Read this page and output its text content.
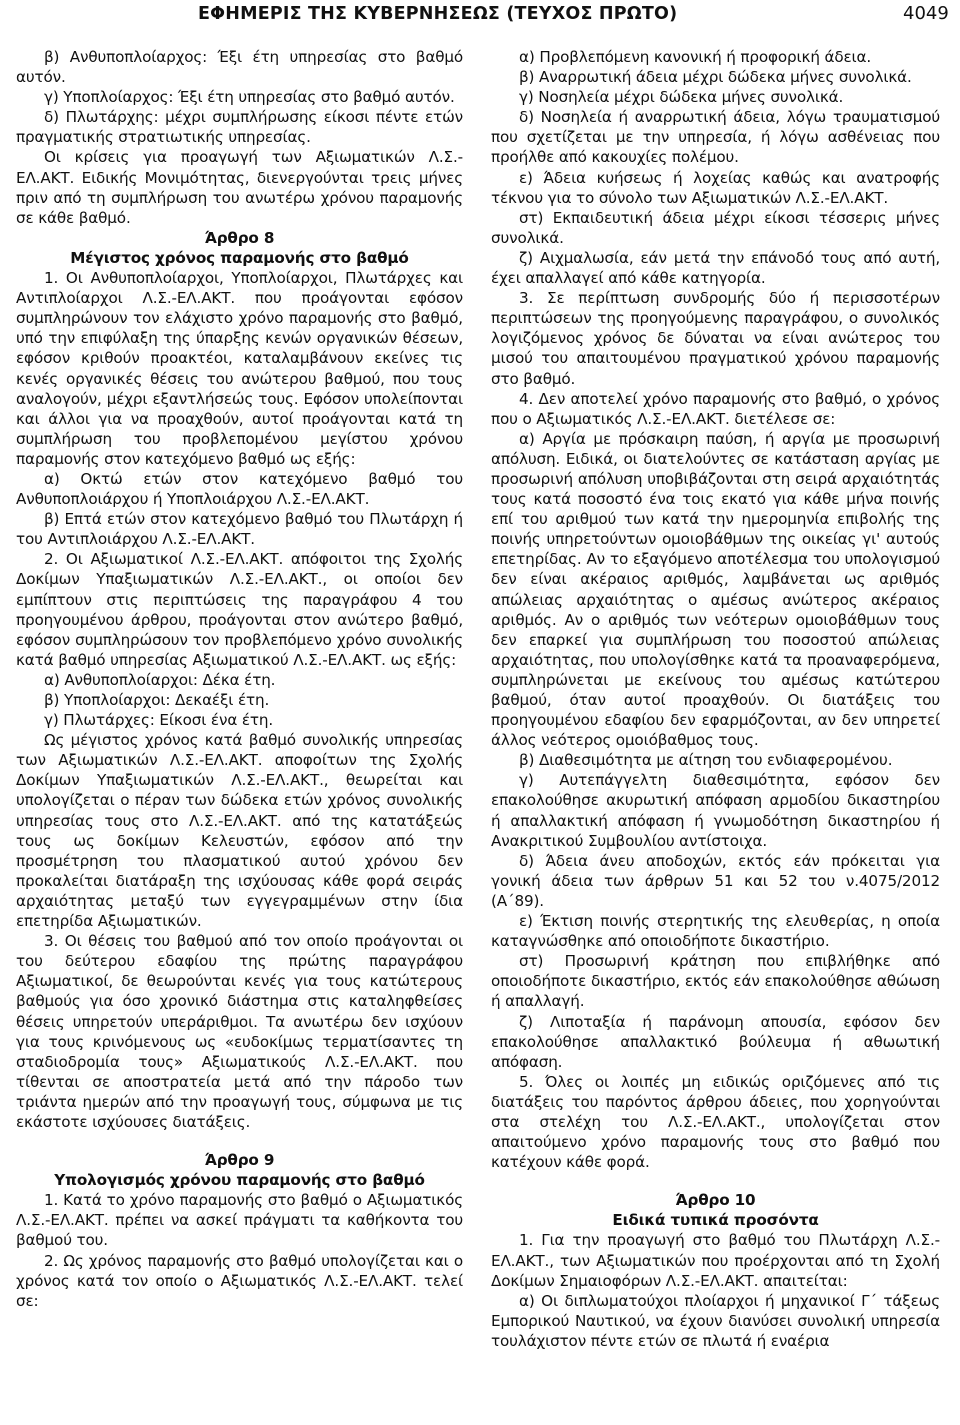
ΕΦΗΜΕΡΙΣ ΤΗΣ ΚΥΒΕΡΝΗΣΕΩΣ (ΤΕΥΧΟΣ ΠΡΩΤΟ)	4049

β) Ανθυποπλοίαρχος: Έξι έτη υπηρεσίας στο βαθμό αυτόν.

γ) Υποπλοίαρχος: Έξι έτη υπηρεσίας στο βαθμό αυτόν.

δ) Πλωτάρχης: μέχρι συμπλήρωσης είκοσι πέντε ετών πραγματικής στρατιωτικής υπηρεσίας.

Οι κρίσεις για προαγωγή των Αξιωματικών Λ.Σ.-ΕΛ.ΑΚΤ. Ειδικής Μονιμότητας, διενεργούνται τρεις μήνες πριν από τη συμπλήρωση του ανωτέρω χρόνου παραμονής σε κάθε βαθμό.

Άρθρο 8

Μέγιστος χρόνος παραμονής στο βαθμό

1. Οι Ανθυποπλοίαρχοι, Υποπλοίαρχοι, Πλωτάρχες και Αντιπλοίαρχοι Λ.Σ.-ΕΛ.ΑΚΤ. που προάγονται εφόσον συμπληρώνουν τον ελάχιστο χρόνο παραμονής στο βαθμό, υπό την επιφύλαξη της ύπαρξης κενών οργανικών θέσεων, εφόσον κριθούν προακτέοι, καταλαμβάνουν εκείνες τις κενές οργανικές θέσεις του ανώτερου βαθμού, που τους αναλογούν, μέχρι εξαντλήσεώς τους. Εφόσον υπολείπονται και άλλοι για να προαχθούν, αυτοί προάγονται κατά τη συμπλήρωση του προβλεπομένου μεγίστου χρόνου παραμονής στον κατεχόμενο βαθμό ως εξής:

α) Οκτώ ετών στον κατεχόμενο βαθμό του Ανθυποπλοιάρχου ή Υποπλοιάρχου Λ.Σ.-ΕΛ.ΑΚΤ.

β) Επτά ετών στον κατεχόμενο βαθμό του Πλωτάρχη ή του Αντιπλοιάρχου Λ.Σ.-ΕΛ.ΑΚΤ.

2. Οι Αξιωματικοί Λ.Σ.-ΕΛ.ΑΚΤ. απόφοιτοι της Σχολής Δοκίμων Υπαξιωματικών Λ.Σ.-ΕΛ.ΑΚΤ., οι οποίοι δεν εμπίπτουν στις περιπτώσεις της παραγράφου 4 του προηγουμένου άρθρου, προάγονται στον ανώτερο βαθμό, εφόσον συμπληρώσουν τον προβλεπόμενο χρόνο συνολικής κατά βαθμό υπηρεσίας Αξιωματικού Λ.Σ.-ΕΛ.ΑΚΤ. ως εξής:

α) Ανθυποπλοίαρχοι: Δέκα έτη.

β) Υποπλοίαρχοι: Δεκαέξι έτη.

γ) Πλωτάρχες: Είκοσι ένα έτη.

Ως μέγιστος χρόνος κατά βαθμό συνολικής υπηρεσίας των Αξιωματικών Λ.Σ.-ΕΛ.ΑΚΤ. αποφοίτων της Σχολής Δοκίμων Υπαξιωματικών Λ.Σ.-ΕΛ.ΑΚΤ., θεωρείται και υπολογίζεται ο πέραν των δώδεκα ετών χρόνος συνολικής υπηρεσίας τους στο Λ.Σ.-ΕΛ.ΑΚΤ. από της κατατάξεώς τους ως δοκίμων Κελευστών, εφόσον από την προσμέτρηση του πλασματικού αυτού χρόνου δεν προκαλείται διατάραξη της ισχύουσας κάθε φορά σειράς αρχαιότητας μεταξύ των εγγεγραμμένων στην ίδια επετηρίδα Αξιωματικών.

3. Οι θέσεις του βαθμού από τον οποίο προάγονται οι του δεύτερου εδαφίου της πρώτης παραγράφου Αξιωματικοί, δε θεωρούνται κενές για τους κατώτερους βαθμούς για όσο χρονικό διάστημα στις καταληφθείσες θέσεις υπηρετούν υπεράριθμοι. Τα ανωτέρω δεν ισχύουν για τους κρινόμενους ως «ευδοκίμως τερματίσαντες τη σταδιοδρομία τους» Αξιωματικούς Λ.Σ.-ΕΛ.ΑΚΤ. που τίθενται σε αποστρατεία μετά από την πάροδο των τριάντα ημερών από την προαγωγή τους, σύμφωνα με τις εκάστοτε ισχύουσες διατάξεις.

Άρθρο 9

Υπολογισμός χρόνου παραμονής στο βαθμό

1. Κατά το χρόνο παραμονής στο βαθμό ο Αξιωματικός Λ.Σ.-ΕΛ.ΑΚΤ. πρέπει να ασκεί πράγματι τα καθήκοντα του βαθμού του.

2. Ως χρόνος παραμονής στο βαθμό υπολογίζεται και ο χρόνος κατά τον οποίο ο Αξιωματικός Λ.Σ.-ΕΛ.ΑΚΤ. τελεί σε:

α) Προβλεπόμενη κανονική ή προφορική άδεια.

β) Αναρρωτική άδεια μέχρι δώδεκα μήνες συνολικά.

γ) Νοσηλεία μέχρι δώδεκα μήνες συνολικά.

δ) Νοσηλεία ή αναρρωτική άδεια, λόγω τραυματισμού που σχετίζεται με την υπηρεσία, ή λόγω ασθένειας που προήλθε από κακουχίες πολέμου.

ε) Άδεια κυήσεως ή λοχείας καθώς και ανατροφής τέκνου για το σύνολο των Αξιωματικών Λ.Σ.-ΕΛ.ΑΚΤ.

στ) Εκπαιδευτική άδεια μέχρι είκοσι τέσσερις μήνες συνολικά.

ζ) Αιχμαλωσία, εάν μετά την επάνοδό τους από αυτή, έχει απαλλαγεί από κάθε κατηγορία.

3. Σε περίπτωση συνδρομής δύο ή περισσοτέρων περιπτώσεων της προηγούμενης παραγράφου, ο συνολικός λογιζόμενος χρόνος δε δύναται να είναι ανώτερος του μισού του απαιτουμένου πραγματικού χρόνου παραμονής στο βαθμό.

4. Δεν αποτελεί χρόνο παραμονής στο βαθμό, ο χρόνος που ο Αξιωματικός Λ.Σ.-ΕΛ.ΑΚΤ. διετέλεσε σε:

α) Αργία με πρόσκαιρη παύση, ή αργία με προσωρινή απόλυση. Ειδικά, οι διατελούντες σε κατάσταση αργίας με προσωρινή απόλυση υποβιβάζονται στη σειρά αρχαιότητάς τους κατά ποσοστό ένα τοις εκατό για κάθε μήνα ποινής επί του αριθμού των κατά την ημερομηνία επιβολής της ποινής υπηρετούντων ομοιοβάθμων της οικείας γι' αυτούς επετηρίδας. Αν το εξαγόμενο αποτέλεσμα του υπολογισμού δεν είναι ακέραιος αριθμός, λαμβάνεται ως αριθμός απώλειας αρχαιότητας ο αμέσως ανώτερος ακέραιος αριθμός. Αν ο αριθμός των νεότερων ομοιοβάθμων τους δεν επαρκεί για συμπλήρωση του ποσοστού απώλειας αρχαιότητας, που υπολογίσθηκε κατά τα προαναφερόμενα, συμπληρώνεται με εκείνους του αμέσως κατώτερου βαθμού, όταν αυτοί προαχθούν. Οι διατάξεις του προηγουμένου εδαφίου δεν εφαρμόζονται, αν δεν υπηρετεί άλλος νεότερος ομοιόβαθμος τους.

β) Διαθεσιμότητα με αίτηση του ενδιαφερομένου.

γ) Αυτεπάγγελτη διαθεσιμότητα, εφόσον δεν επακολούθησε ακυρωτική απόφαση αρμοδίου δικαστηρίου ή απαλλακτική απόφαση ή γνωμοδότηση δικαστηρίου ή Ανακριτικού Συμβουλίου αντίστοιχα.

δ) Άδεια άνευ αποδοχών, εκτός εάν πρόκειται για γονική άδεια των άρθρων 51 και 52 του ν.4075/2012 (Α΄89).

ε) Έκτιση ποινής στερητικής της ελευθερίας, η οποία καταγνώσθηκε από οποιοδήποτε δικαστήριο.

στ) Προσωρινή κράτηση που επιβλήθηκε από οποιοδήποτε δικαστήριο, εκτός εάν επακολούθησε αθώωση ή απαλλαγή.

ζ) Λιποταξία ή παράνομη απουσία, εφόσον δεν επακολούθησε απαλλακτικό βούλευμα ή αθωωτική απόφαση.

5. Όλες οι λοιπές μη ειδικώς οριζόμενες από τις διατάξεις του παρόντος άρθρου άδειες, που χορηγούνται στα στελέχη του Λ.Σ.-ΕΛ.ΑΚΤ., υπολογίζεται στον απαιτούμενο χρόνο παραμονής τους στο βαθμό που κατέχουν κάθε φορά.

Άρθρο 10

Ειδικά τυπικά προσόντα

1. Για την προαγωγή στο βαθμό του Πλωτάρχη Λ.Σ.-ΕΛ.ΑΚΤ., των Αξιωματικών που προέρχονται από τη Σχολή Δοκίμων Σημαιοφόρων Λ.Σ.-ΕΛ.ΑΚΤ. απαιτείται:

α) Οι διπλωματούχοι πλοίαρχοι ή μηχανικοί Γ΄ τάξεως Εμπορικού Ναυτικού, να έχουν διανύσει συνολική υπηρεσία τουλάχιστον πέντε ετών σε πλωτά ή εναέρια
